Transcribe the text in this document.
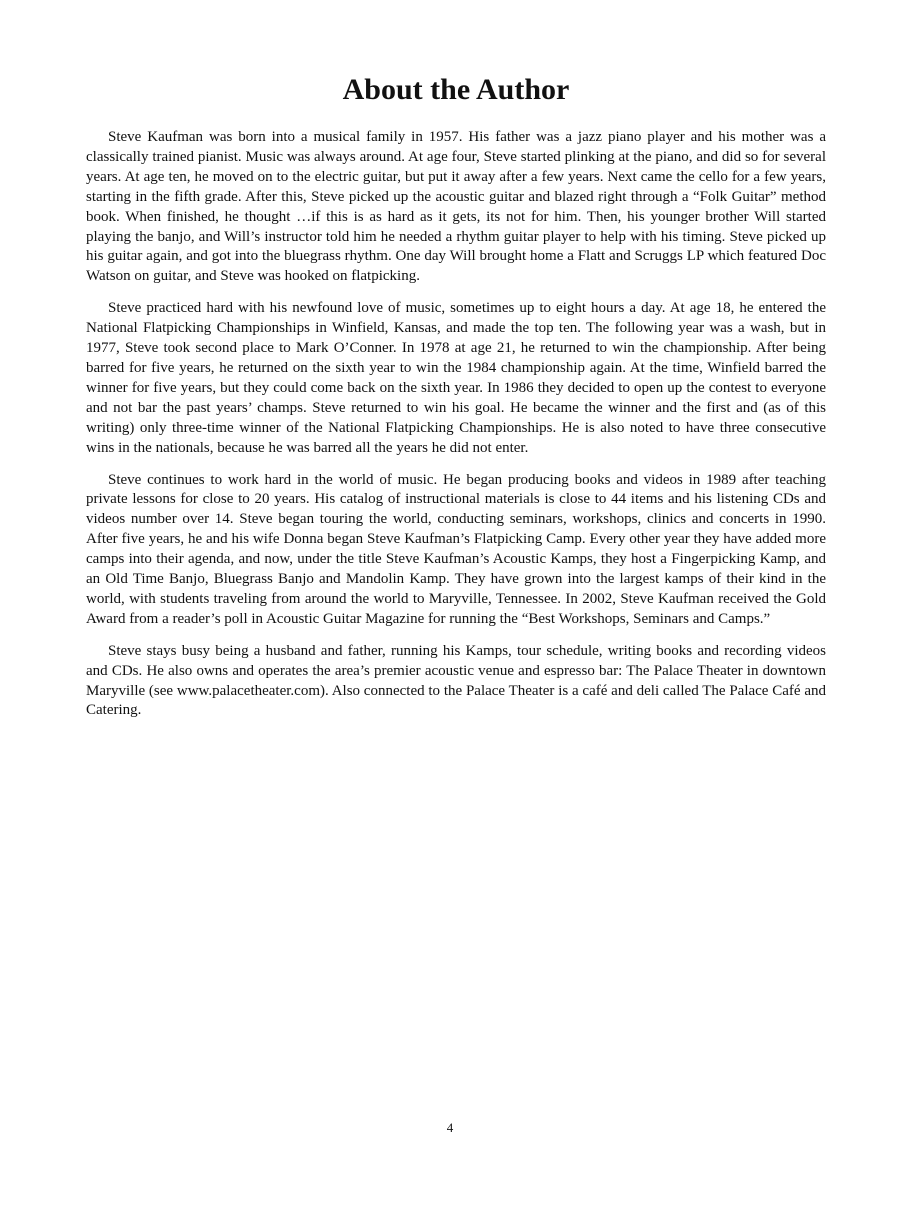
About the Author

Steve Kaufman was born into a musical family in 1957. His father was a jazz piano player and his mother was a classically trained pianist. Music was always around. At age four, Steve started plinking at the piano, and did so for several years. At age ten, he moved on to the electric guitar, but put it away after a few years. Next came the cello for a few years, starting in the fifth grade. After this, Steve picked up the acoustic guitar and blazed right through a “Folk Guitar” method book. When finished, he thought …if this is as hard as it gets, its not for him. Then, his younger brother Will started playing the banjo, and Will’s instructor told him he needed a rhythm guitar player to help with his timing. Steve picked up his guitar again, and got into the bluegrass rhythm. One day Will brought home a Flatt and Scruggs LP which featured Doc Watson on guitar, and Steve was hooked on flatpicking.

Steve practiced hard with his newfound love of music, sometimes up to eight hours a day. At age 18, he entered the National Flatpicking Championships in Winfield, Kansas, and made the top ten. The following year was a wash, but in 1977, Steve took second place to Mark O’Conner. In 1978 at age 21, he returned to win the championship. After being barred for five years, he returned on the sixth year to win the 1984 championship again. At the time, Winfield barred the winner for five years, but they could come back on the sixth year. In 1986 they decided to open up the contest to everyone and not bar the past years’ champs. Steve returned to win his goal. He became the winner and the first and (as of this writing) only three-time winner of the National Flatpicking Championships. He is also noted to have three consecutive wins in the nationals, because he was barred all the years he did not enter.

Steve continues to work hard in the world of music. He began producing books and videos in 1989 after teaching private lessons for close to 20 years. His catalog of instructional materials is close to 44 items and his listening CDs and videos number over 14. Steve began touring the world, conducting seminars, workshops, clinics and concerts in 1990. After five years, he and his wife Donna began Steve Kaufman’s Flatpicking Camp. Every other year they have added more camps into their agenda, and now, under the title Steve Kaufman’s Acoustic Kamps, they host a Fingerpicking Kamp, and an Old Time Banjo, Bluegrass Banjo and Mandolin Kamp. They have grown into the largest kamps of their kind in the world, with students traveling from around the world to Maryville, Tennessee. In 2002, Steve Kaufman received the Gold Award from a reader’s poll in Acoustic Guitar Magazine for running the “Best Workshops, Seminars and Camps.”

Steve stays busy being a husband and father, running his Kamps, tour schedule, writing books and recording videos and CDs. He also owns and operates the area’s premier acoustic venue and espresso bar: The Palace Theater in downtown Maryville (see www.palacetheater.com). Also connected to the Palace Theater is a café and deli called The Palace Café and Catering.

4
